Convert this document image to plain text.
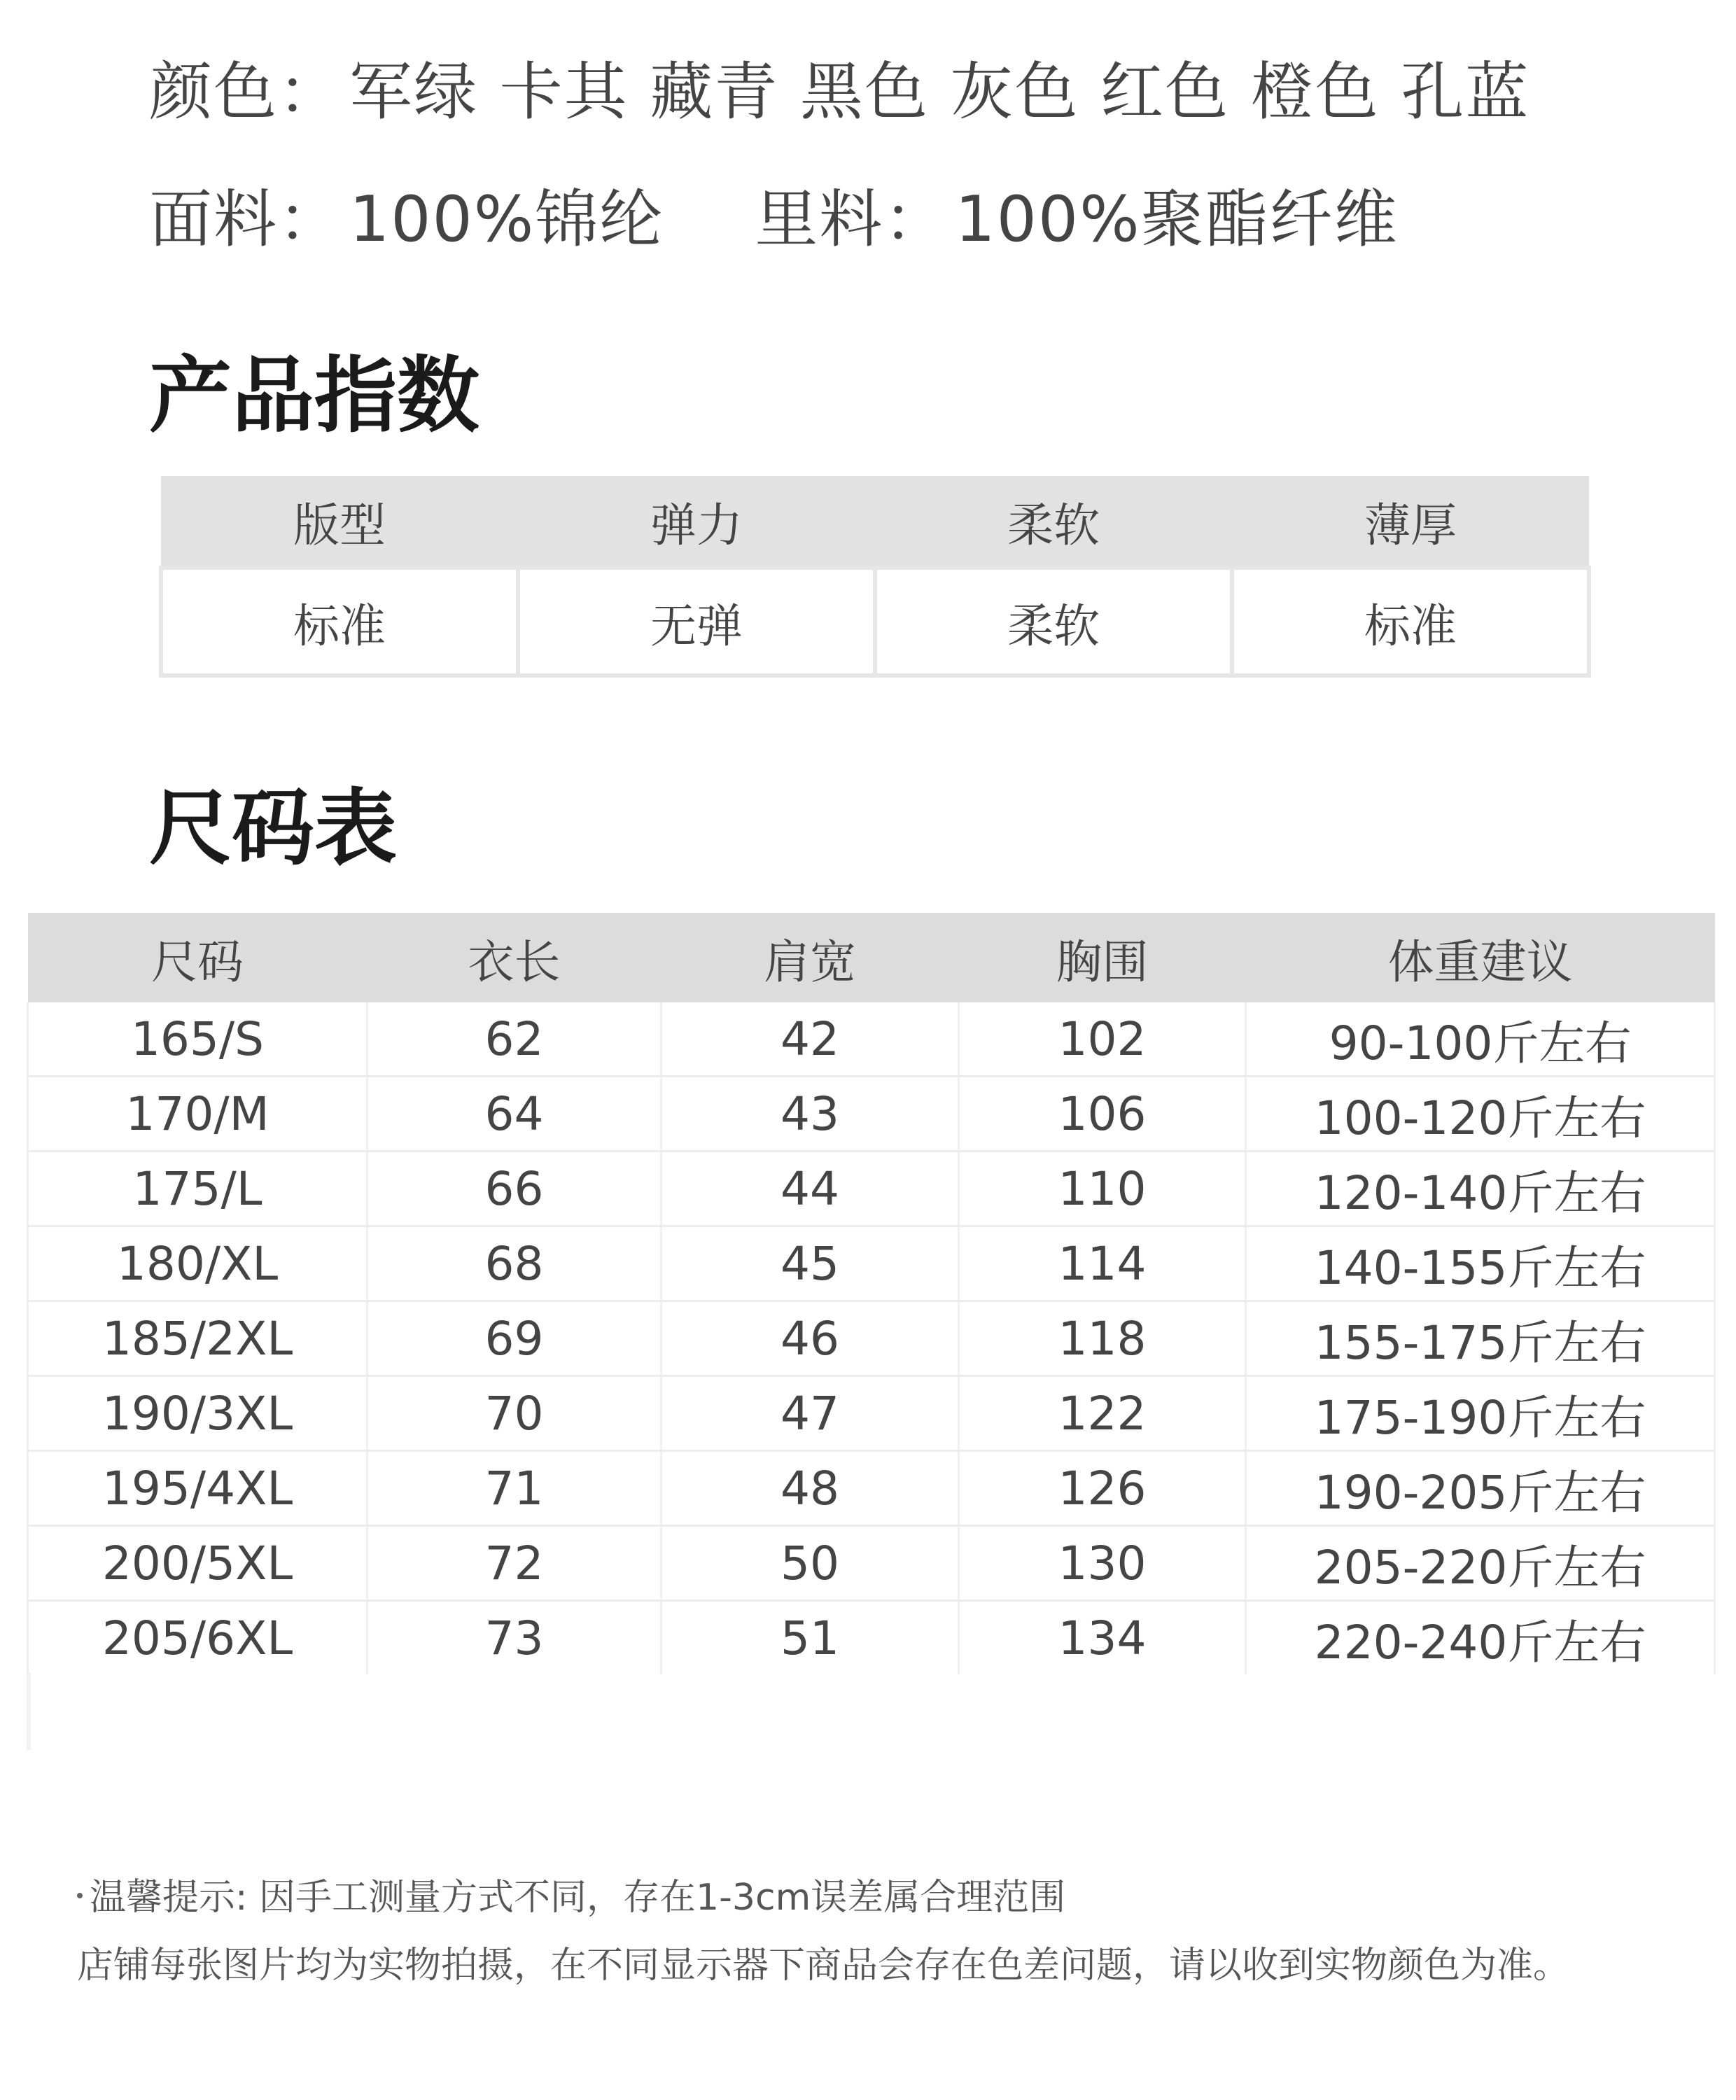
颜色： 军绿 卡其 藏青 黑色 灰色 红色 橙色 孔蓝
面料： 100%锦纶 里料： 100%聚酯纤维
产品指数
版型	弹力	柔软	薄厚
标准	无弹	柔软	标准
尺码表
尺码	衣长	肩宽	胸围	体重建议
165/S	62	42	102	90-100斤左右
170/M	64	43	106	100-120斤左右
175/L	66	44	110	120-140斤左右
180/XL	68	45	114	140-155斤左右
185/2XL	69	46	118	155-175斤左右
190/3XL	70	47	122	175-190斤左右
195/4XL	71	48	126	190-205斤左右
200/5XL	72	50	130	205-220斤左右
205/6XL	73	51	134	220-240斤左右
温馨提示: 因手工测量方式不同，存在1-3cm误差属合理范围
店铺每张图片均为实物拍摄，在不同显示器下商品会存在色差问题，请以收到实物颜色为准。
